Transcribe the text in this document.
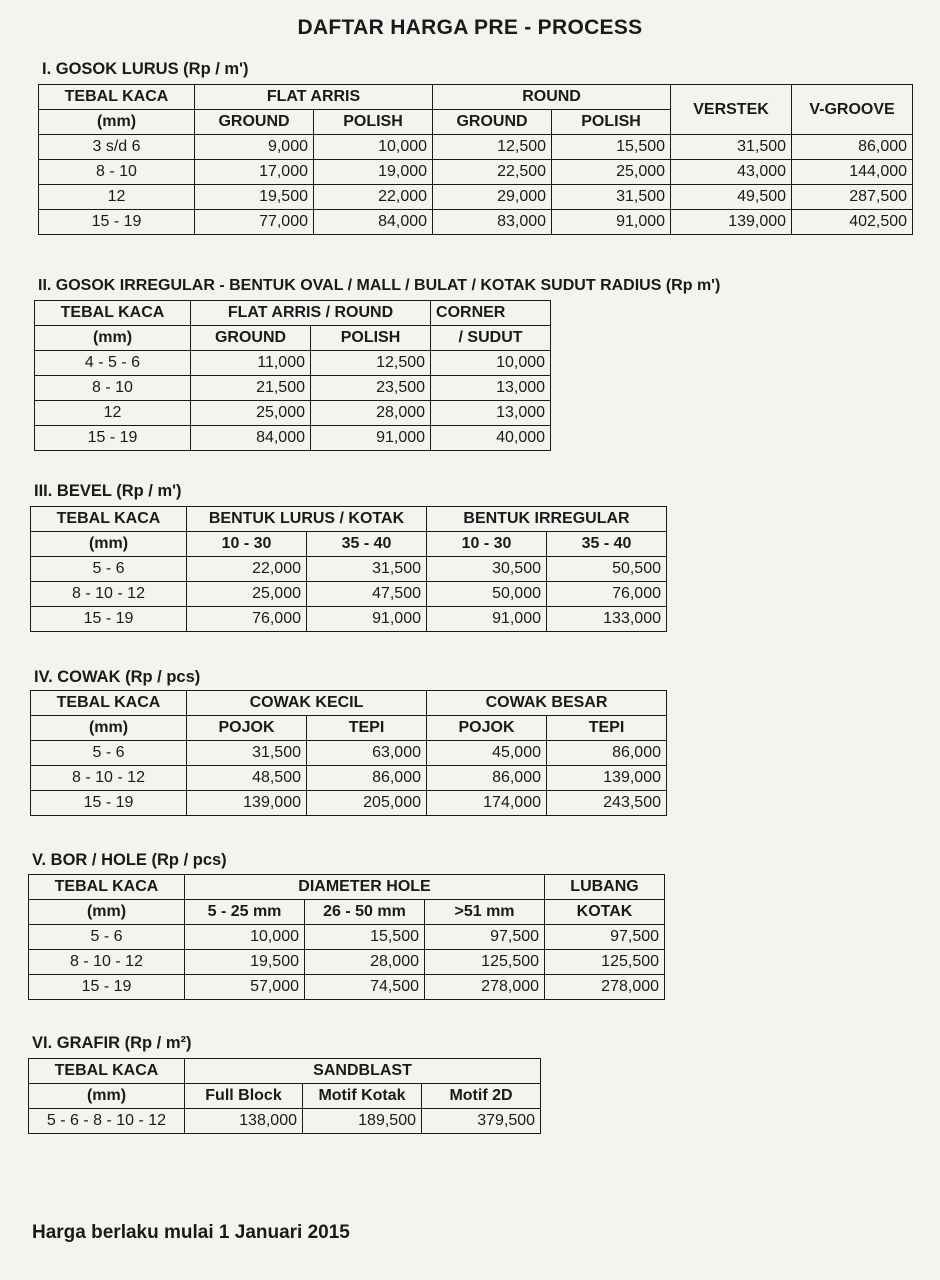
DAFTAR HARGA PRE - PROCESS
I. GOSOK LURUS (Rp / m')
TEBAL KACA	FLAT ARRIS		ROUND		VERSTEK	V-GROOVE
(mm)	GROUND	POLISH	GROUND	POLISH		
3 s/d 6	9,000	10,000	12,500	15,500	31,500	86,000
8 - 10	17,000	19,000	22,500	25,000	43,000	144,000
12	19,500	22,000	29,000	31,500	49,500	287,500
15 - 19	77,000	84,000	83,000	91,000	139,000	402,500
II. GOSOK IRREGULAR - BENTUK OVAL / MALL / BULAT / KOTAK SUDUT RADIUS (Rp m')
TEBAL KACA	FLAT ARRIS / ROUND		CORNER
(mm)	GROUND	POLISH	/ SUDUT
4 - 5 - 6	11,000	12,500	10,000
8 - 10	21,500	23,500	13,000
12	25,000	28,000	13,000
15 - 19	84,000	91,000	40,000
III. BEVEL (Rp / m')
TEBAL KACA	BENTUK LURUS / KOTAK		BENTUK IRREGULAR	
(mm)	10 - 30	35 - 40	10 - 30	35 - 40
5 - 6	22,000	31,500	30,500	50,500
8 - 10 - 12	25,000	47,500	50,000	76,000
15 - 19	76,000	91,000	91,000	133,000
IV. COWAK (Rp / pcs)
TEBAL KACA	COWAK KECIL		COWAK BESAR	
(mm)	POJOK	TEPI	POJOK	TEPI
5 - 6	31,500	63,000	45,000	86,000
8 - 10 - 12	48,500	86,000	86,000	139,000
15 - 19	139,000	205,000	174,000	243,500
V. BOR / HOLE (Rp / pcs)
TEBAL KACA	DIAMETER HOLE			LUBANG
(mm)	5 - 25 mm	26 - 50 mm	>51 mm	KOTAK
5 - 6	10,000	15,500	97,500	97,500
8 - 10 - 12	19,500	28,000	125,500	125,500
15 - 19	57,000	74,500	278,000	278,000
VI. GRAFIR (Rp / m²)
TEBAL KACA	SANDBLAST		
(mm)	Full Block	Motif Kotak	Motif 2D
5 - 6 - 8 - 10 - 12	138,000	189,500	379,500
Harga berlaku mulai 1 Januari 2015
